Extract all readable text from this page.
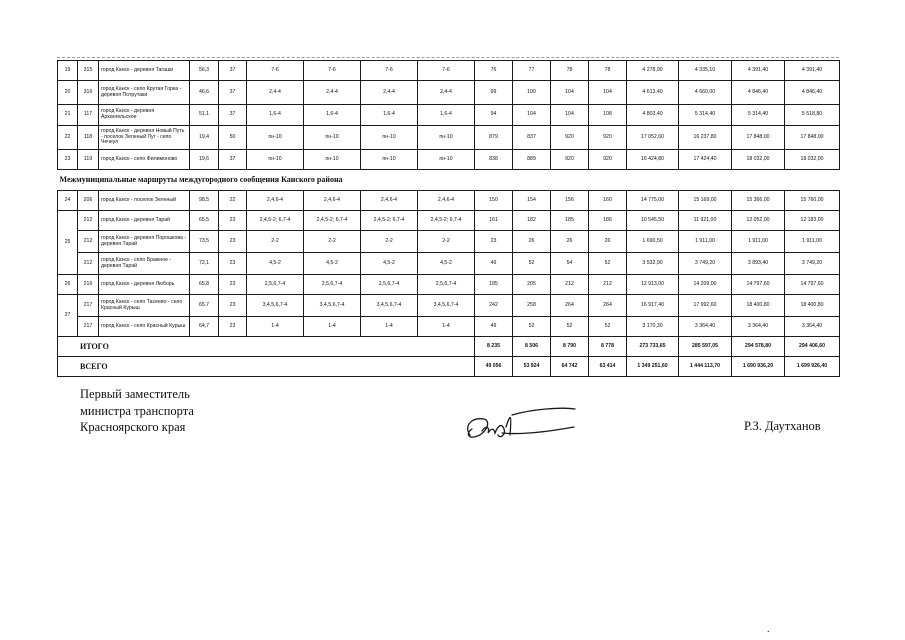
19	315	город Канск - деревня Тагаши	56,3	37	7-6	7-6	7-6	7-6	76	77	78	78	4 278,90	4 335,10	4 391,40	4 391,40
20	316	город Канск - село Крутая Горка - деревня Потрутаки	46,6	37	2,4-4	2,4-4	2,4-4	2,4-4	99	100	104	104	4 613,40	4 660,00	4 846,40	4 846,40
21	117	город Канск - деревня Архангельское	51,1	37	1,6-4	1,6-4	1,6-4	1,6-4	94	104	104	108	4 803,40	5 314,40	5 314,40	5 518,80
22	118	город Канск - деревня Новый Путь - поселок Зеленый Луг - село Чечеул	19,4	50	пн-10	пн-10	пн-10	пн-10	879	837	920	920	17 052,60	16 237,80	17 848,00	17 848,00
23	119	город Канск - село Филимоново	19,6	37	пн-10	пн-10	пн-10	пн-10	838	889	920	920	16 424,80	17 424,40	18 032,00	18 032,00
Межмуниципальные маршруты междугородного сообщения Канского района																
24	206	город Канск - поселок Зеленый	98,5	22	2,4,6-4	2,4,6-4	2,4,6-4	2,4,6-4	150	154	156	160	14 775,00	15 169,00	15 366,00	15 760,00
25	212	город Канск - деревня Тарай	65,5	23	2,4,5-2; 6,7-4	2,4,5-2; 6,7-4	2,4,5-2; 6,7-4	2,4,5-2; 6,7-4	161	182	185	186	10 545,50	11 921,00	12 052,00	12 183,00
	212	город Канск - деревня Порошкова - деревня Тарай	73,5	23	2-2	2-2	2-2	2-2	23	26	26	26	1 690,50	1 911,00	1 911,00	1 911,00
	212	город Канск - село Бражное - деревня Тарай	72,1	23	4,5-2	4,5-2	4,5-2	4,5-2	49	52	54	52	3 532,90	3 749,20	3 893,40	3 749,20
26	216	город Канск - деревня Люборь	65,8	23	2,5,6,7-4	2,5,6,7-4	2,5,6,7-4	2,5,6,7-4	185	205	212	212	12 913,00	14 209,00	14 797,60	14 797,60
27	217	город Канск - село Тасеево - село Красный Курыш	65,7	23	3,4,5,6,7-4	3,4,5,6,7-4	3,4,5,6,7-4	3,4,5,6,7-4	242	258	264	264	16 917,40	17 992,60	18 400,80	18 400,80
	217	город Канск - село Красный Курыш	64,7	23	1-4	1-4	1-4	1-4	49	52	52	52	3 170,30	3 364,40	3 364,40	3 364,40
ИТОГО									8 235	8 506	8 790	8 778	273 733,65	285 597,05	294 578,80	294 406,60
ВСЕГО									49 056	53 924	64 742	63 414	1 349 251,60	1 444 113,70	1 690 936,20	1 699 926,40
Первый заместитель
министра транспорта
Красноярского края	Р.З. Даутханов
.
